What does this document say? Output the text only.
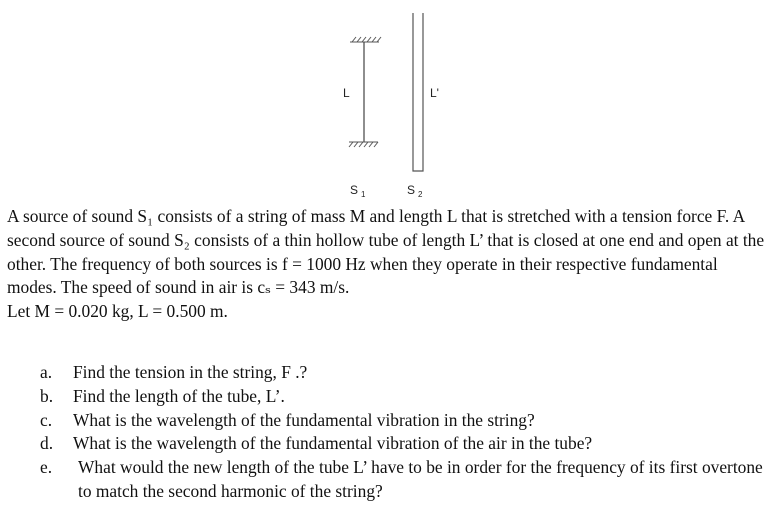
L	L'
S $_1$	S $_2$

A source of sound S₁ consists of a string of mass M and length L that is stretched with a tension force F. A second source of sound S₂ consists of a thin hollow tube of length L’ that is closed at one end and open at the other. The frequency of both sources is f = 1000 Hz when they operate in their respective fundamental modes. The speed of sound in air is cₛ = 343 m/s.

Let M = 0.020 kg, L = 0.500 m.

a.	Find the tension in the string, F .?
b.	Find the length of the tube, L’.
c.	What is the wavelength of the fundamental vibration in the string?
d.	What is the wavelength of the fundamental vibration of the air in the tube?
e.	What would the new length of the tube L’ have to be in order for the frequency of its first overtone to match the second harmonic of the string?
